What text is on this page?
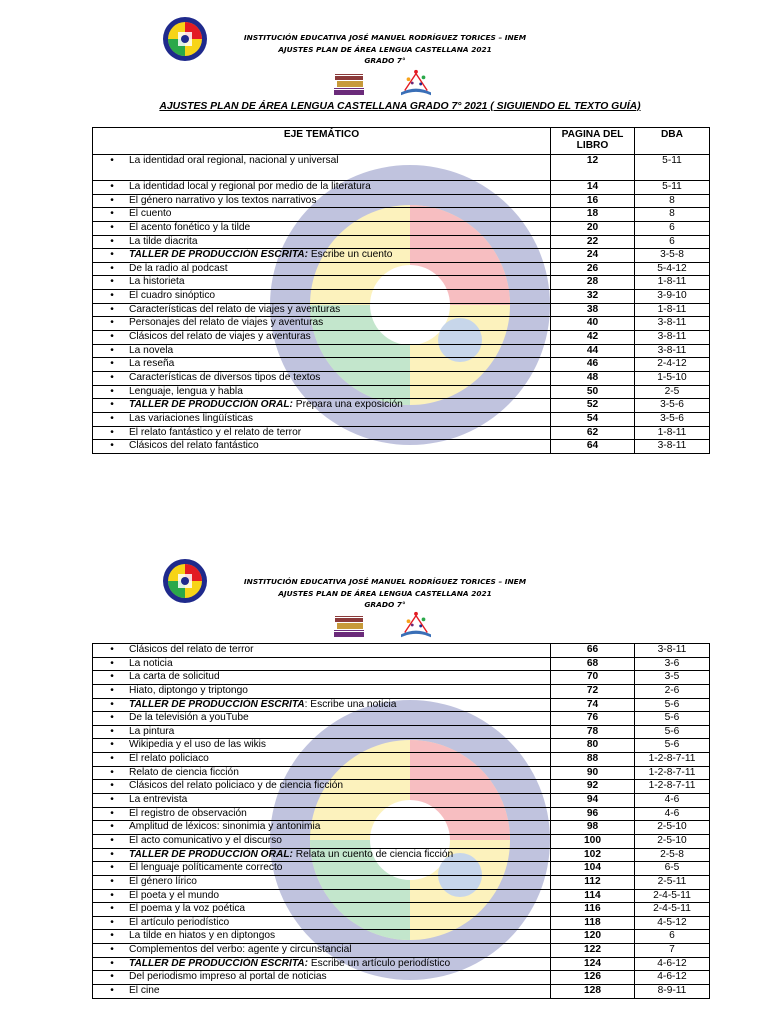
INSTITUCIÓN EDUCATIVA JOSÉ MANUEL RODRÍGUEZ TORICES – INEM
AJUSTES PLAN DE ÁREA LENGUA CASTELLANA 2021
GRADO 7°
AJUSTES PLAN DE ÁREA LENGUA CASTELLANA GRADO 7° 2021 ( SIGUIENDO EL TEXTO GUÍA)
EJE TEMÁTICO	PAGINA DEL LIBRO	DBA
• La identidad oral regional, nacional y universal	12	5-11
• La identidad local y regional por medio de la literatura	14	5-11
• El género narrativo y los textos narrativos	16	8
• El cuento	18	8
• El acento fonético y la tilde	20	6
• La tilde diacrita	22	6
• TALLER DE PRODUCCIÓN ESCRITA: Escribe un cuento	24	3-5-8
• De la radio al podcast	26	5-4-12
• La historieta	28	1-8-11
• El cuadro sinóptico	32	3-9-10
• Características del relato de viajes y aventuras	38	1-8-11
• Personajes del relato de viajes y aventuras	40	3-8-11
• Clásicos del relato de viajes y aventuras	42	3-8-11
• La novela	44	3-8-11
• La reseña	46	2-4-12
• Características de diversos tipos de textos	48	1-5-10
• Lenguaje, lengua y habla	50	2-5
• TALLER DE PRODUCCIÓN ORAL: Prepara una exposición	52	3-5-6
• Las variaciones lingüísticas	54	3-5-6
• El relato fantástico y el relato de terror	62	1-8-11
• Clásicos del relato fantástico	64	3-8-11
INSTITUCIÓN EDUCATIVA JOSÉ MANUEL RODRÍGUEZ TORICES – INEM
AJUSTES PLAN DE ÁREA LENGUA CASTELLANA 2021
GRADO 7°
• Clásicos del relato de terror	66	3-8-11
• La noticia	68	3-6
• La carta de solicitud	70	3-5
• Hiato, diptongo y triptongo	72	2-6
• TALLER DE PRODUCCIÓN ESCRITA: Escribe una noticia	74	5-6
• De la televisión a youTube	76	5-6
• La pintura	78	5-6
• Wikipedia y el uso de las wikis	80	5-6
• El relato policiaco	88	1-2-8-7-11
• Relato de ciencia ficción	90	1-2-8-7-11
• Clásicos del relato policiaco y de ciencia ficción	92	1-2-8-7-11
• La entrevista	94	4-6
• El registro de observación	96	4-6
• Amplitud de léxicos: sinonimia y antonimia	98	2-5-10
• El acto comunicativo y el discurso	100	2-5-10
• TALLER DE PRODUCCIÓN ORAL: Relata un cuento de ciencia ficción	102	2-5-8
• El lenguaje políticamente correcto	104	6-5
• El género lírico	112	2-5-11
• El poeta y el mundo	114	2-4-5-11
• El poema y la voz poética	116	2-4-5-11
• El artículo periodístico	118	4-5-12
• La tilde en hiatos y en diptongos	120	6
• Complementos del verbo: agente y circunstancial	122	7
• TALLER DE PRODUCCIÓN ESCRITA: Escribe un artículo periodístico	124	4-6-12
• Del periodismo impreso al portal de noticias	126	4-6-12
• El cine	128	8-9-11
